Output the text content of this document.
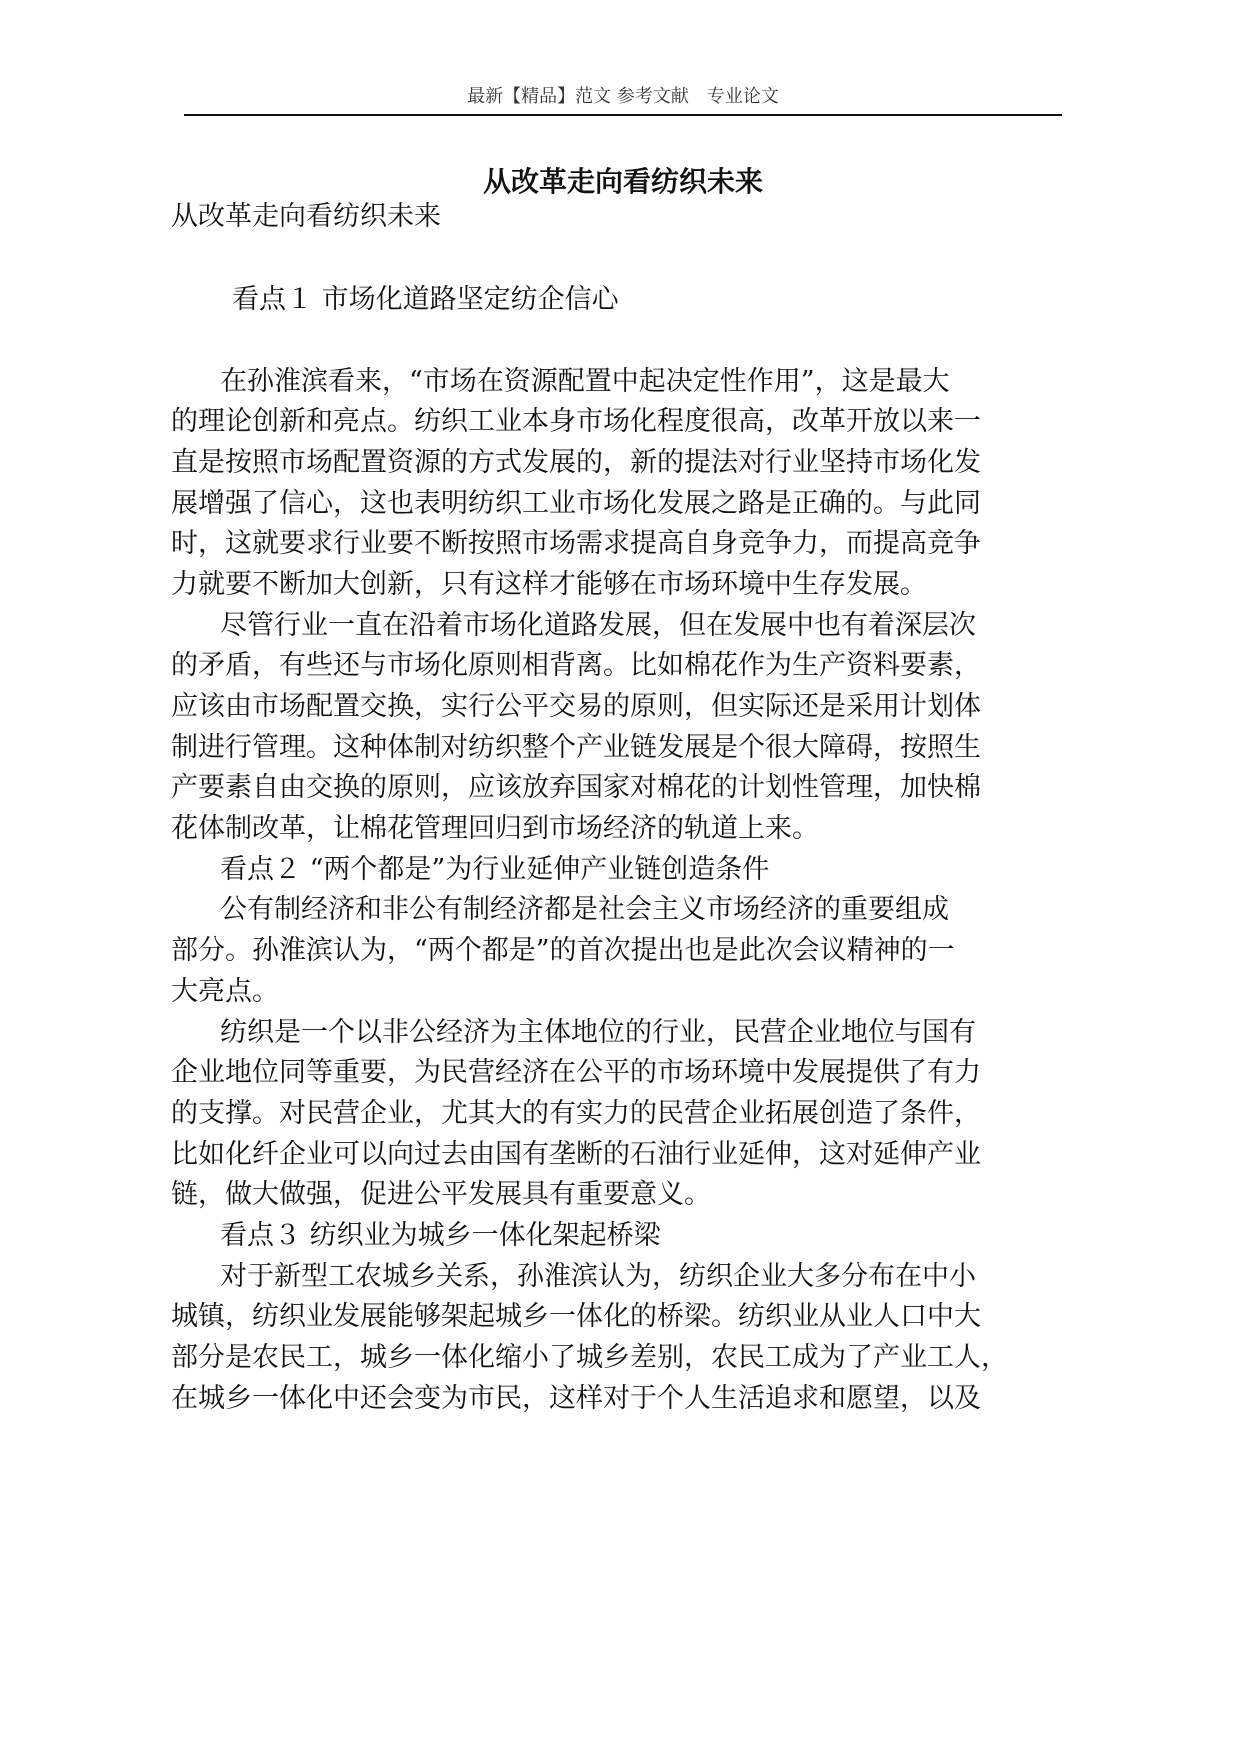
最新【精品】范文 参考文献　专业论文
从改革走向看纺织未来
从改革走向看纺织未来
看点１ 市场化道路坚定纺企信心
在孙淮滨看来，“市场在资源配置中起决定性作用”，这是最大
的理论创新和亮点。纺织工业本身市场化程度很高，改革开放以来一
直是按照市场配置资源的方式发展的，新的提法对行业坚持市场化发
展增强了信心，这也表明纺织工业市场化发展之路是正确的。与此同
时，这就要求行业要不断按照市场需求提高自身竞争力，而提高竞争
力就要不断加大创新，只有这样才能够在市场环境中生存发展。
尽管行业一直在沿着市场化道路发展，但在发展中也有着深层次
的矛盾，有些还与市场化原则相背离。比如棉花作为生产资料要素，
应该由市场配置交换，实行公平交易的原则，但实际还是采用计划体
制进行管理。这种体制对纺织整个产业链发展是个很大障碍，按照生
产要素自由交换的原则，应该放弃国家对棉花的计划性管理，加快棉
花体制改革，让棉花管理回归到市场经济的轨道上来。
看点２ “两个都是”为行业延伸产业链创造条件
公有制经济和非公有制经济都是社会主义市场经济的重要组成
部分。孙淮滨认为，“两个都是”的首次提出也是此次会议精神的一
大亮点。
纺织是一个以非公经济为主体地位的行业，民营企业地位与国有
企业地位同等重要，为民营经济在公平的市场环境中发展提供了有力
的支撑。对民营企业，尤其大的有实力的民营企业拓展创造了条件，
比如化纤企业可以向过去由国有垄断的石油行业延伸，这对延伸产业
链，做大做强，促进公平发展具有重要意义。
看点３ 纺织业为城乡一体化架起桥梁
对于新型工农城乡关系，孙淮滨认为，纺织企业大多分布在中小
城镇，纺织业发展能够架起城乡一体化的桥梁。纺织业从业人口中大
部分是农民工，城乡一体化缩小了城乡差别，农民工成为了产业工人，
在城乡一体化中还会变为市民，这样对于个人生活追求和愿望，以及
